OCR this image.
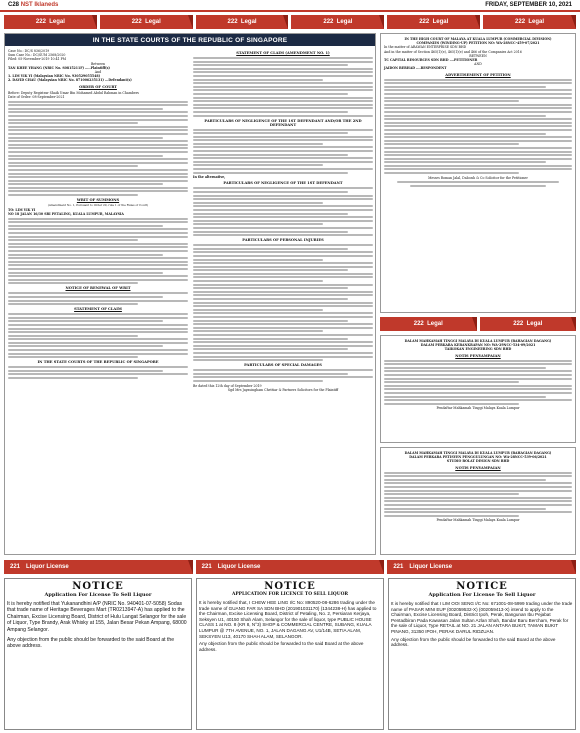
C28 NST Iklaneds	FRIDAY, SEPTEMBER 10, 2021
222
Legal	222
Legal	222
Legal	222
Legal	222
Legal	222
Legal
IN THE STATE COURTS OF THE REPUBLIC OF SINGAPORE
Case No.: DC/S 836/2019
Sum Case No.: DC/SUM 2568/2020
Filed: 05-November-2019 10:41 PM
Between
TAN KHEE YHANG (NRIC No. S0815211F) .....Plaintiff(s)
And
1. LIM YIK YI (Malaysian NRIC No. 930529055548)
2. DAVID CHAU (Malaysian NRIC No. 871006235131) ...Defendant(s)
ORDER OF COURT
Before: Deputy Registrar Shaik Umar Bin Mohamed Abdul Rahman in Chambers
Date of Order: 08-September-2021
WRIT OF SUMMONS
(Amendment No. 1, Pursuant to Order 20, rule 1 of the Rules of Court)
TO: LIM YIK YI
NO 18 JALAN 16/30 SRI PETALING, KUALA LUMPUR, MALAYSIA
NOTICE OF RENEWAL OF WRIT
STATEMENT OF CLAIM
IN THE STATE COURTS OF THE REPUBLIC OF SINGAPORE
STATEMENT OF CLAIM (AMENDMENT NO. 1)
PARTICULARS OF NEGLIGENCE OF THE 1ST DEFENDANT AND/OR THE 2ND DEFENDANT
In the alternative,
PARTICULARS OF NEGLIGENCE OF THE 1ST DEFENDANT
PARTICULARS OF PERSONAL INJURIES
PARTICULARS OF SPECIAL DAMAGES
Be dated this 12th day of September 2019
Sgd Mrs Jayasingham Chettiar & Partners Solicitors for the Plaintiff
IN THE HIGH COURT OF MALAYA AT KUALA LUMPUR (COMMERCIAL DIVISION)
COMPANIES (WINDING-UP) PETITION NO: WA-28NCC-459-07/2021
In the matter of ARAWAN ENTERPRISE SDN BHD
And in the matter of Section 465(1)(e), 465(1)(e) and 466 of the Companies Act 2016
BETWEEN
TC CAPITAL RESOURCES SDN BHD ....PETITIONER
AND
JAIDON BERHAD ....RESPONDENT
ADVERTISEMENT OF PETITION
Messrs Roman Jalal, Daloosh & Co Solicitor for the Petitioner
222
Legal	222
Legal
DALAM MAHKAMAH TINGGI MALAYA DI KUALA LUMPUR (BAHAGIAN DAGANG)
DALAM PERKARA KEBANKRAPAN NO: WA-29NCC-534-09/2021
TAIKOKAN ENGINEERING SDN BHD
NOTIS PENYAMPAIAN
Pendaftar Mahkamah Tinggi Malaya Kuala Lumpur
DALAM MAHKAMAH TINGGI MALAYA DI KUALA LUMPUR (BAHAGIAN DAGANG)
DALAM PERKARA PETISYEN PENGGULUNGAN NO: WA-28NCC-539-06/2021
STUDIO BOLAT DESIGN SDN BHD
NOTIS PENYAMPAIAN
Pendaftar Mahkamah Tinggi Malaya Kuala Lumpur
221 Liquor License	221 Liquor License	221 Liquor License
NOTICE
Application For License To Sell Liquor
It is hereby notified that Yukanandhini A/P (NRIC No. 940401-07-5058) Sodas that trade name of Heritage Beverages Mart (TR0213947-A) has applied to the Chairman, Excise Licensing Board, District of Hulu Langat Selangor for the sale of Liquor, Type Brandy, Arak Whisky at 155, Jalan Besar Pekan Ampang, 68000 Ampang Selangor.
Any objection from the public should be forwarded to the said Board at the above address.
NOTICE
APPLICATION FOR LICENCE TO SELL LIQUOR
It is hereby notified that, I CHEW HEE LING I/C No: 890520-08-6286 trading under the trade name of GUANG FAR SA SDN BHD (201901031170) (1344238-H) has applied to the Chairman, Excise Licensing Board, District of Petaling, No. 2, Persiaran Kerjaya, Seksyen U1, 40150 Shah Alam, Selangor for the sale of liquor, type PUBLIC HOUSE CLASS 1 at NO. 8 (KR 8, N°3) SHOP & COMMERCIAL CENTRE, SUBANG, KUALA LUMPUR @ 7TH AVENUE, NO. 1, JALAN DAGANG AV, U1/14B, SETIA ALAM, SEKSYEN U13, 40170 SHAH ALAM, SELANGOR.
Any objection from the public should be forwarded to the said Board at the above address.
NOTICE
Application For License To Sell Liquor
It is hereby notified that I LIM OOI SENG I/C No: 671001-08-5999 trading under the trade name of PASAR MINI EUP (002059532-X) (002059413-X) intend to apply to the Chairman, Excise Licensing Board, District Ipoh, Perak, Bangunan Ibu Pejabat Pentadbiran Pada Kawasan Jalan Sultan Azlan Shah, Bandar Baru Bercham, Perak for the sale of Liquor, Type RETAIL at NO. 21 JALAN ANTARA BUKIT, TAMAN BUKIT PINANG, 31350 IPOH, PERAK DARUL RIDZUAN.
Any objection from the public should be forwarded to the said Board at the above address.
